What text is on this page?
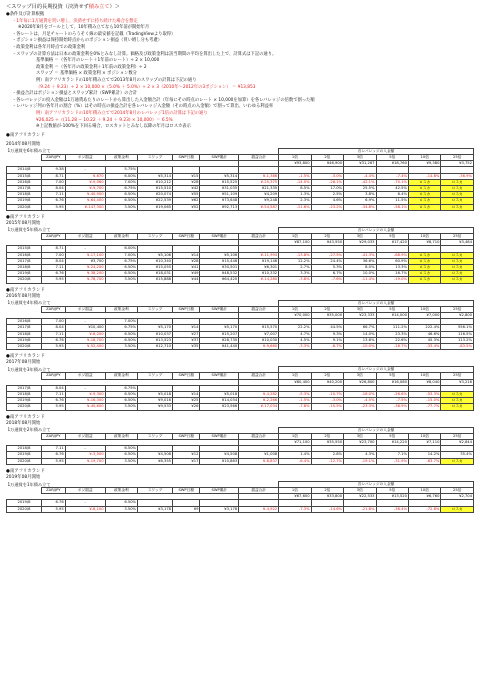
＜スワップ目的長期投資（決済せず積み立て）＞
●条件及び計算根拠
・1年毎に1万通貨を買い増し、決済せずに持ち続けた場合を想定
※2020年8月をゴールとして、10年積み立てなら10年前が開始年月
・各レートは、月足チャートのろうそく線の最安値を記載（TradingViewより取得）
・ポジション損益は保持開始時点からのポジション損益（買い増し分も考慮）
・政策金利は各年月時点での政策金利
・スワップの計算方法は日本の政策金利を0%とみなし計算。価格及び政策金利は該当期間の平均を算出した上で、計算式は下記の通り。
基準価格 ＝（各年月のレート＋1年前のレート）÷ 2 × 10,000
政策金利 ＝（各年月の政策金利＋1年前の政策金利）÷ 2
スワップ ＝ 基準価格 × 政策金利 × ポジション数分
例）南アフリカランドの10年積み立てで2013年8月のスワップの計算は下記の通り
（9.24 ＋ 9.23）÷ 2 × 10,000 ×（5.0% ＋ 5.0%）÷ 2 × 3（2010年～2012年の3ポジション） ＝ ¥13,853
・損益合計はポジション損益とスワップ累計（SWP累計）の合計
・各レバレッジの投入金額は1万通貨あたりのレートから算出した入金額合計（年毎にその時点のレート × 10,000を加算）を各レバレッジの倍数で割った額
・レバレッジ列の各年月の割合（%）はその時点の損益合計を各レバレッジ入金額（その時点の入金額）で割って算出、いわゆる利益率
例）南アフリカランドの10年積み立てで2014年8月のレバレッジ1倍の計算は下記の通り
¥26,025 ÷（(11.28 − 10.22 ＋ 9.24 ＋ 9.23) × 10,000）＝ 6.5%
※上記数値が-100%を下回る場合、ロスカットとみなし以降の年月はロスカ表示
●南アフリカランド
2014年08月開始
1万通貨を6年積み立て								各レバレッジの入金額					
	ZAR/JPY	ポジ損益	政策金利	スワップ	SWP日額	SWP累計	損益合計	1倍	2倍	3倍	5倍	10倍	25倍
								¥93,800	¥46,900	¥31,267	¥18,760	¥9,380	¥3,752
2014/8	9.38	-	5.75%										
2015/8	8.71	¥-670	6.00%	¥5,314	¥15	¥5,314	¥-1,386	-1.5%	-3.0%	-4.4%	-7.4%	-14.8%	-36.9%
2016/8	7.00	¥-9,060	7.00%	¥10,212	¥28	¥15,525	¥-25,375	-14.0%	-28.1%	-42.1%	-70.1%	ロスカ	ロスカ
2017/8	8.04	¥-9,700	6.75%	¥15,510	¥42	¥31,035	¥21,335	8.5%	17.0%	25.5%	42.5%	ロスカ	ロスカ
2018/8	7.11	¥-40,900	6.50%	¥20,074	¥55	¥51,109	¥4,209	1.3%	2.5%	3.8%	6.4%	ロスカ	ロスカ
2019/8	6.76	¥-64,400	6.50%	¥22,539	¥62	¥73,648	¥9,248	2.3%	4.6%	6.9%	11.5%	ロスカ	ロスカ
2020/8	5.95	¥-147,300	3.50%	¥19,065	¥52	¥92,713	¥-54,587	-11.6%	-23.2%	-34.8%	-58.1%	ロスカ	ロスカ
●南アフリカランド
2015年08月開始
1万通貨を5年積み立て								各レバレッジの入金額					
	ZAR/JPY	ポジ損益	政策金利	スワップ	SWP日額	SWP累計	損益合計	1倍	2倍	3倍	5倍	10倍	25倍
								¥87,100	¥43,550	¥29,033	¥17,420	¥8,710	¥3,484
2015/8	8.71	-	6.00%										
2016/8	7.00	¥-17,100	7.00%	¥5,106	¥14	¥5,106	¥-11,994	-13.8%	-27.5%	-41.3%	-68.9%	ロスカ	ロスカ
2017/8	8.04	¥3,700	6.75%	¥10,340	¥28	¥15,446	¥19,146	12.2%	24.4%	36.6%	60.9%	ロスカ	ロスカ
2018/8	7.11	¥-24,200	6.50%	¥15,055	¥41	¥30,501	¥6,301	2.7%	5.3%	8.0%	13.3%	ロスカ	ロスカ
2019/8	6.76	¥-38,200	6.50%	¥18,031	¥49	¥48,532	¥10,332	3.3%	6.7%	10.0%	16.7%	ロスカ	ロスカ
2020/8	5.95	¥-78,700	3.50%	¥15,888	¥44	¥64,420	¥-14,280	-3.8%	-7.6%	-11.4%	-19.0%	ロスカ	ロスカ
●南アフリカランド
2016年08月開始
1万通貨を4年積み立て								各レバレッジの入金額					
	ZAR/JPY	ポジ損益	政策金利	スワップ	SWP日額	SWP累計	損益合計	1倍	2倍	3倍	5倍	10倍	25倍
								¥70,000	¥35,000	¥23,333	¥14,000	¥7,000	¥2,800
2016/8	7.00	-	7.00%										
2017/8	8.04	¥10,400	6.75%	¥5,170	¥14	¥5,170	¥15,570	22.2%	44.5%	66.7%	111.2%	222.4%	556.1%
2018/8	7.11	¥-8,200	6.50%	¥10,037	¥27	¥15,207	¥7,007	4.7%	9.3%	14.0%	23.3%	46.6%	116.5%
2019/8	6.76	¥-18,700	6.50%	¥13,523	¥37	¥28,730	¥10,030	4.5%	9.1%	13.6%	22.6%	45.3%	113.2%
2020/8	5.95	¥-52,400	3.50%	¥12,710	¥35	¥41,440	¥-9,660	-3.3%	-6.7%	-10.0%	-16.7%	-33.4%	-83.5%
●南アフリカランド
2017年08月開始
1万通貨を3年積み立て								各レバレッジの入金額					
	ZAR/JPY	ポジ損益	政策金利	スワップ	SWP日額	SWP累計	損益合計	1倍	2倍	3倍	5倍	10倍	25倍
								¥80,400	¥40,200	¥26,800	¥16,080	¥8,040	¥3,216
2017/8	8.04	-	6.75%										
2018/8	7.11	¥-9,300	6.50%	¥5,018	¥14	¥5,018	¥-4,282	-5.3%	-10.7%	-16.0%	-26.6%	-53.3%	ロスカ
2019/8	6.76	¥-16,300	6.50%	¥9,016	¥25	¥14,034	¥-2,266	-1.5%	-3.0%	-4.5%	-7.5%	-15.0%	ロスカ
2020/8	5.95	¥-40,600	3.50%	¥9,533	¥26	¥23,566	¥-17,034	-7.8%	-15.5%	-23.3%	-38.9%	-77.7%	ロスカ
●南アフリカランド
2018年08月開始
1万通貨を2年積み立て								各レバレッジの入金額					
	ZAR/JPY	ポジ損益	政策金利	スワップ	SWP日額	SWP累計	損益合計	1倍	2倍	3倍	5倍	10倍	25倍
								¥71,100	¥35,550	¥23,700	¥14,220	¥7,110	¥2,844
2018/8	7.11	-	6.50%										
2019/8	6.76	¥-3,500	6.50%	¥4,508	¥12	¥4,508	¥1,008	1.4%	2.8%	4.3%	7.1%	14.2%	35.4%
2020/8	5.95	¥-19,700	3.50%	¥6,355	¥17	¥10,863	¥-8,837	-6.4%	-12.7%	-19.1%	-31.9%	-63.7%	ロスカ
●南アフリカランド
2019年08月開始
1万通貨を1年積み立て								各レバレッジの入金額					
	ZAR/JPY	ポジ損益	政策金利	スワップ	SWP日額	SWP累計	損益合計	1倍	2倍	3倍	5倍	10倍	25倍
								¥67,600	¥33,800	¥22,533	¥13,520	¥6,760	¥2,704
2019/8	6.76	-	6.50%										
2020/8	5.95	¥-8,100	3.50%	¥3,178	¥9	¥3,178	¥-4,922	-7.3%	-14.6%	-21.8%	-36.4%	-72.8%	ロスカ
